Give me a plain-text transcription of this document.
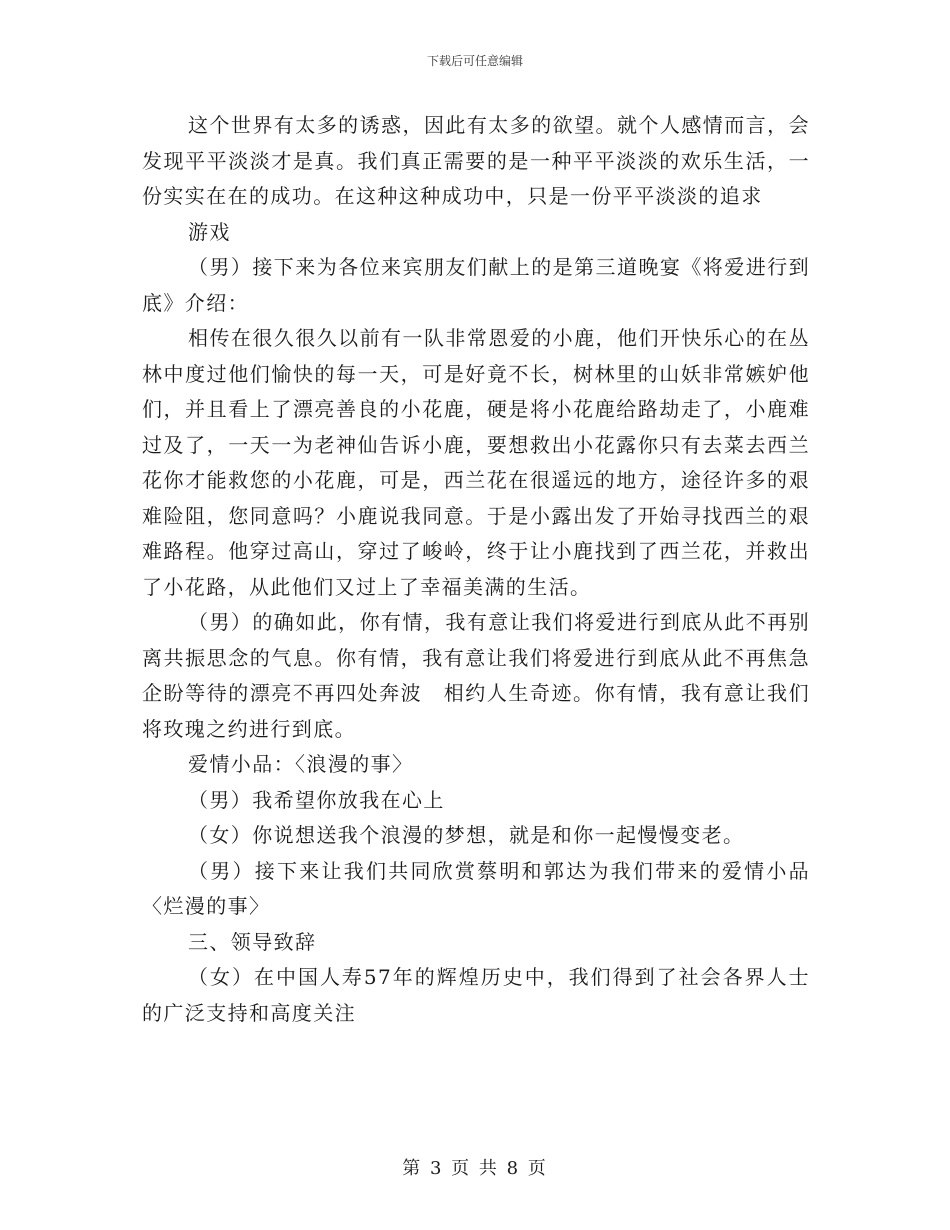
下载后可任意编辑

这个世界有太多的诱惑，因此有太多的欲望。就个人感情而言，会发现平平淡淡才是真。我们真正需要的是一种平平淡淡的欢乐生活，一份实实在在的成功。在这种这种成功中，只是一份平平淡淡的追求

游戏

（男）接下来为各位来宾朋友们献上的是第三道晚宴《将爱进行到底》介绍：

相传在很久很久以前有一队非常恩爱的小鹿，他们开快乐心的在丛林中度过他们愉快的每一天，可是好竟不长，树林里的山妖非常嫉妒他们，并且看上了漂亮善良的小花鹿，硬是将小花鹿给路劫走了，小鹿难过及了，一天一为老神仙告诉小鹿，要想救出小花露你只有去菜去西兰花你才能救您的小花鹿，可是，西兰花在很遥远的地方，途径许多的艰难险阻，您同意吗？小鹿说我同意。于是小露出发了开始寻找西兰的艰难路程。他穿过高山，穿过了峻岭，终于让小鹿找到了西兰花，并救出了小花路，从此他们又过上了幸福美满的生活。

（男）的确如此，你有情，我有意让我们将爱进行到底从此不再别离共振思念的气息。你有情，我有意让我们将爱进行到底从此不再焦急企盼等待的漂亮不再四处奔波　相约人生奇迹。你有情，我有意让我们将玫瑰之约进行到底。

爱情小品：〈浪漫的事〉

（男）我希望你放我在心上

（女）你说想送我个浪漫的梦想，就是和你一起慢慢变老。

（男）接下来让我们共同欣赏蔡明和郭达为我们带来的爱情小品〈烂漫的事〉

三、领导致辞

（女）在中国人寿57年的辉煌历史中，我们得到了社会各界人士的广泛支持和高度关注

第 3 页 共 8 页
